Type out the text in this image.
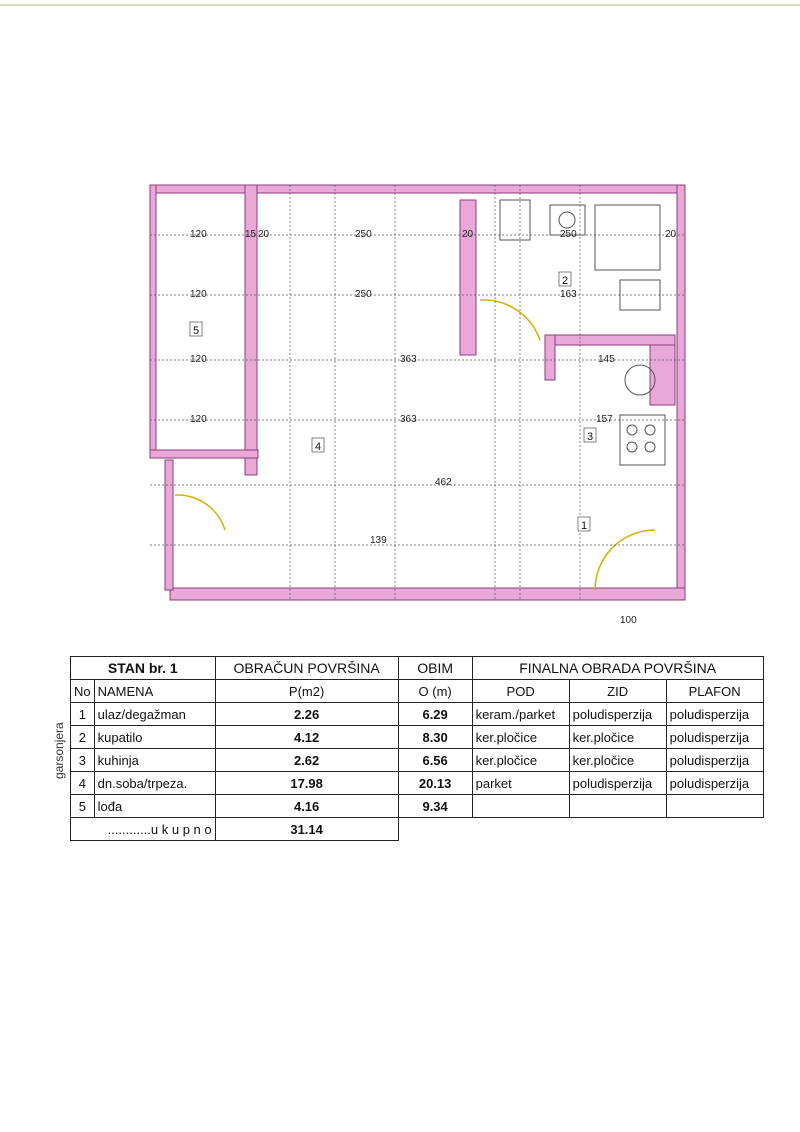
120	15 20	250	20	250	20
120	250	163
120	363	145
120	363	157
462
139
100
1
2
3
4
5
garsonjera
STAN br. 1		OBRAČUN POVRŠINA	OBIM	FINALNA OBRADA POVRŠINA		
No	NAMENA	P(m2)	O (m)	POD	ZID	PLAFON
1	ulaz/degažman	2.26	6.29	keram./parket	poludisperzija	poludisperzija
2	kupatilo	4.12	8.30	ker.pločice	ker.pločice	poludisperzija
3	kuhinja	2.62	6.56	ker.pločice	ker.pločice	poludisperzija
4	dn.soba/trpeza.	17.98	20.13	parket	poludisperzija	poludisperzija
5	lođa	4.16	9.34			
............u k u p n o		31.14				
